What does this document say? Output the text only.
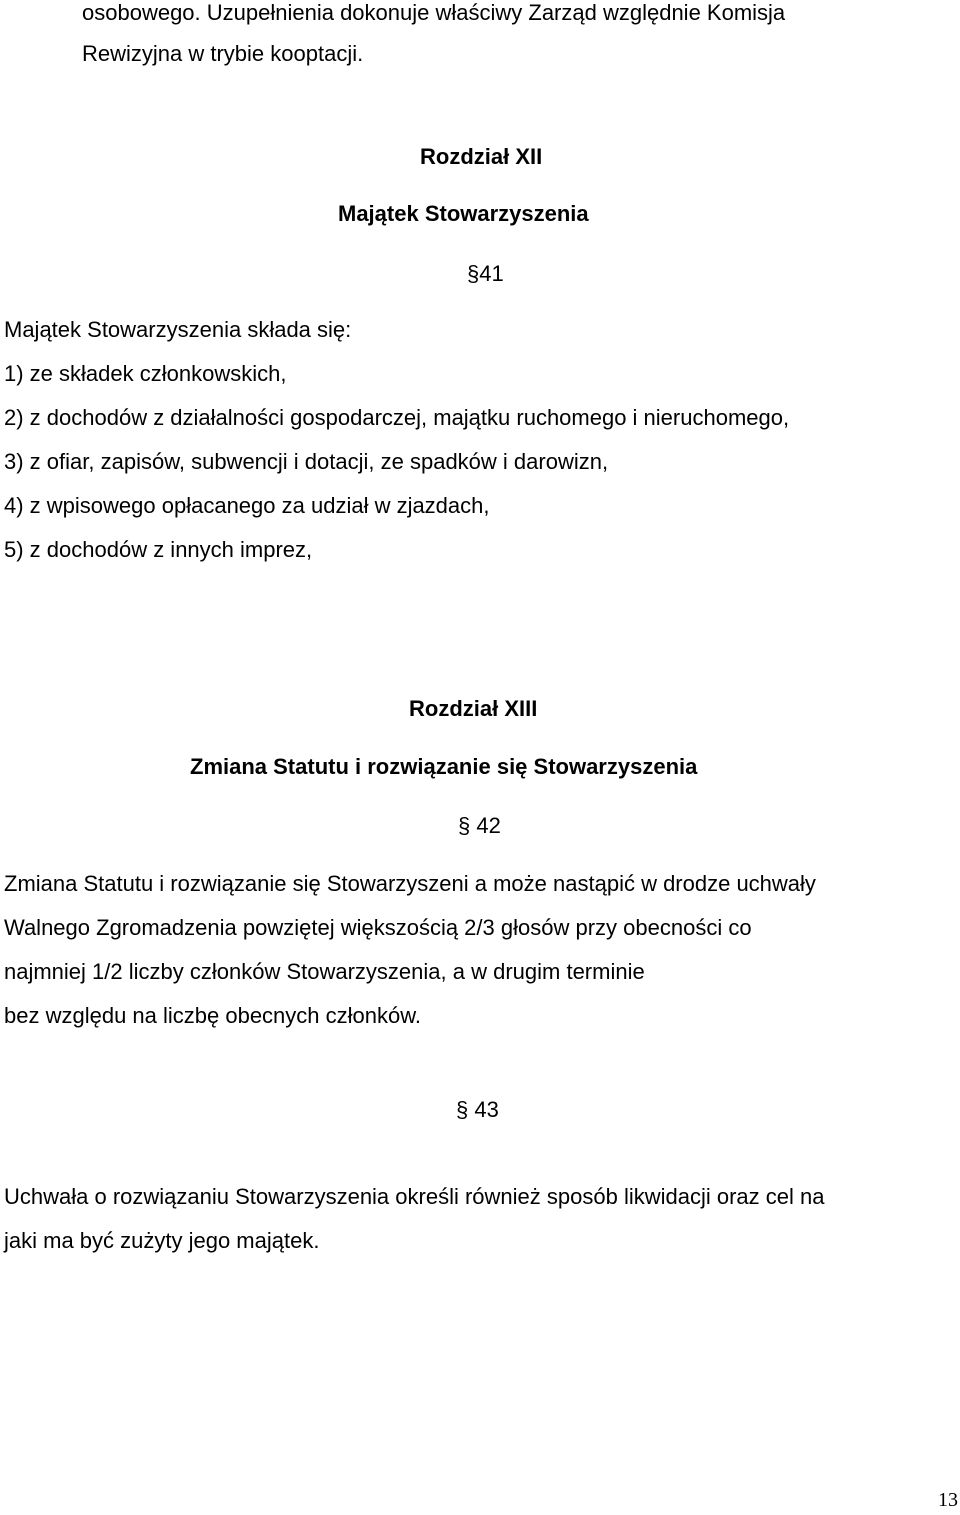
osobowego. Uzupełnienia dokonuje właściwy Zarząd względnie Komisja
Rewizyjna w trybie kooptacji.
Rozdział XII
Majątek Stowarzyszenia
§41
Majątek Stowarzyszenia składa się:
1) ze składek członkowskich,
2) z dochodów z działalności gospodarczej, majątku ruchomego i nieruchomego,
3) z ofiar, zapisów, subwencji i dotacji, ze spadków i darowizn,
4) z wpisowego opłacanego za udział w zjazdach,
5) z dochodów z innych imprez,
Rozdział XIII
Zmiana Statutu i rozwiązanie się Stowarzyszenia
§ 42
Zmiana Statutu i rozwiązanie się Stowarzyszeni a może nastąpić w drodze uchwały
Walnego Zgromadzenia powziętej większością 2/3 głosów przy obecności co
najmniej 1/2 liczby członków Stowarzyszenia, a w drugim terminie
bez względu na liczbę obecnych członków.
§ 43
Uchwała o rozwiązaniu Stowarzyszenia określi również sposób likwidacji oraz cel na
jaki ma być zużyty jego majątek.
13
